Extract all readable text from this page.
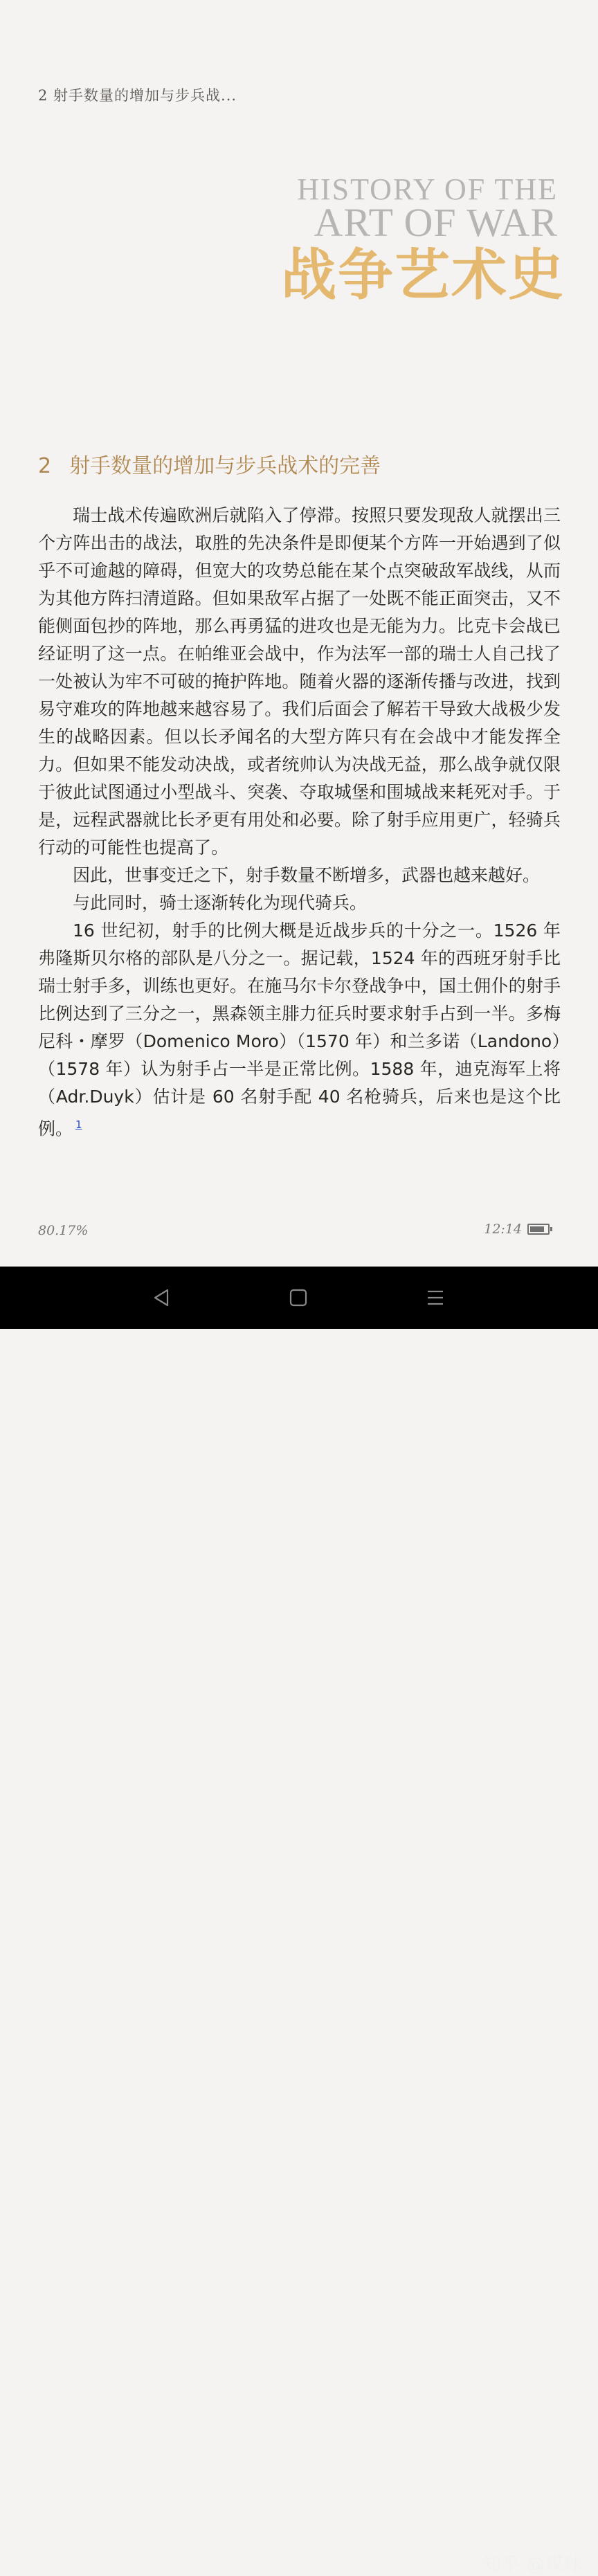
2 射手数量的增加与步兵战...
HISTORY OF THE
ART OF WAR
战争艺术史
2 射手数量的增加与步兵战术的完善

瑞士战术传遍欧洲后就陷入了停滞。按照只要发现敌人就摆出三个方阵出击的战法，取胜的先决条件是即便某个方阵一开始遇到了似乎不可逾越的障碍，但宽大的攻势总能在某个点突破敌军战线，从而为其他方阵扫清道路。但如果敌军占据了一处既不能正面突击，又不能侧面包抄的阵地，那么再勇猛的进攻也是无能为力。比克卡会战已经证明了这一点。在帕维亚会战中，作为法军一部的瑞士人自己找了一处被认为牢不可破的掩护阵地。随着火器的逐渐传播与改进，找到易守难攻的阵地越来越容易了。我们后面会了解若干导致大战极少发生的战略因素。但以长矛闻名的大型方阵只有在会战中才能发挥全力。但如果不能发动决战，或者统帅认为决战无益，那么战争就仅限于彼此试图通过小型战斗、突袭、夺取城堡和围城战来耗死对手。于是，远程武器就比长矛更有用处和必要。除了射手应用更广，轻骑兵行动的可能性也提高了。

因此，世事变迁之下，射手数量不断增多，武器也越来越好。

与此同时，骑士逐渐转化为现代骑兵。

16 世纪初，射手的比例大概是近战步兵的十分之一。1526 年弗隆斯贝尔格的部队是八分之一。据记载，1524 年的西班牙射手比瑞士射手多，训练也更好。在施马尔卡尔登战争中，国土佣仆的射手比例达到了三分之一，黑森领主腓力征兵时要求射手占到一半。多梅尼科・摩罗（Domenico Moro）（1570 年）和兰多诺（Landono）（1578 年）认为射手占一半是正常比例。1588 年，迪克海军上将（Adr.Duyk）估计是 60 名射手配 40 名枪骑兵，后来也是这个比例。 $^1$

80.17%	12:14
知乎 @煤球
